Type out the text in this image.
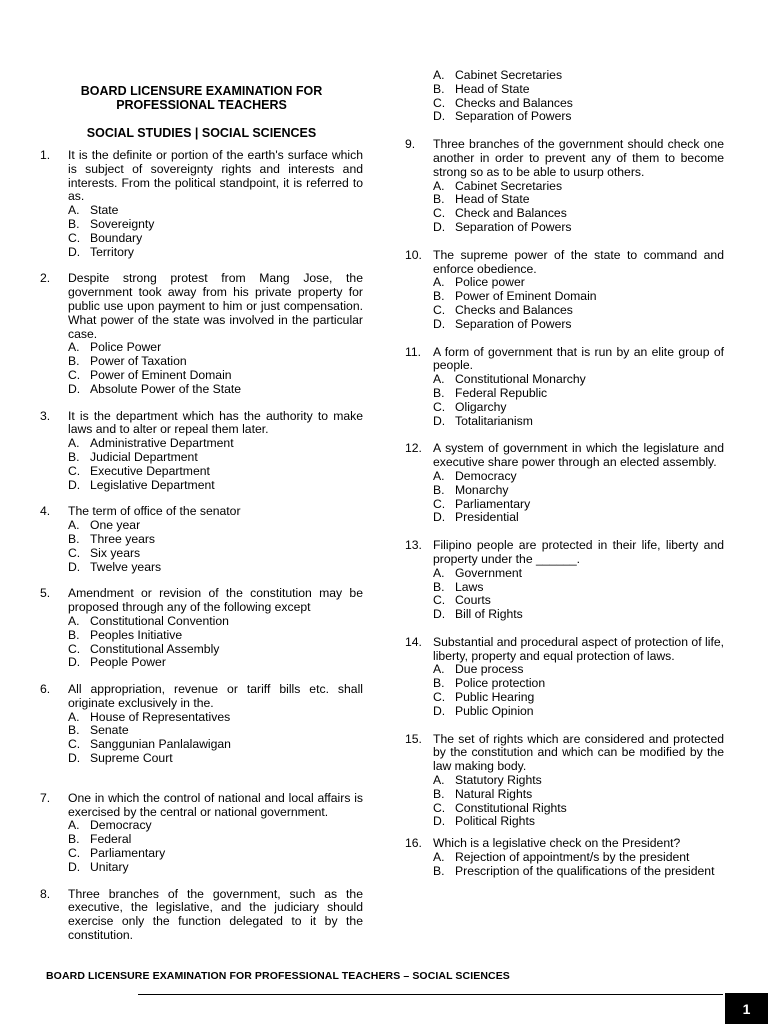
BOARD LICENSURE EXAMINATION FOR
PROFESSIONAL TEACHERS
SOCIAL STUDIES | SOCIAL SCIENCES
1. It is the definite or portion of the earth's surface which is subject of sovereignty rights and interests and interests. From the political standpoint, it is referred to as.
A. State
B. Sovereignty
C. Boundary
D. Territory
2. Despite strong protest from Mang Jose, the government took away from his private property for public use upon payment to him or just compensation. What power of the state was involved in the particular case.
A. Police Power
B. Power of Taxation
C. Power of Eminent Domain
D. Absolute Power of the State
3. It is the department which has the authority to make laws and to alter or repeal them later.
A. Administrative Department
B. Judicial Department
C. Executive Department
D. Legislative Department
4. The term of office of the senator
A. One year
B. Three years
C. Six years
D. Twelve years
5. Amendment or revision of the constitution may be proposed through any of the following except
A. Constitutional Convention
B. Peoples Initiative
C. Constitutional Assembly
D. People Power
6. All appropriation, revenue or tariff bills etc. shall originate exclusively in the.
A. House of Representatives
B. Senate
C. Sanggunian Panlalawigan
D. Supreme Court
7. One in which the control of national and local affairs is exercised by the central or national government.
A. Democracy
B. Federal
C. Parliamentary
D. Unitary
8. Three branches of the government, such as the executive, the legislative, and the judiciary should exercise only the function delegated to it by the constitution.
A. Cabinet Secretaries
B. Head of State
C. Checks and Balances
D. Separation of Powers
9. Three branches of the government should check one another in order to prevent any of them to become strong so as to be able to usurp others.
A. Cabinet Secretaries
B. Head of State
C. Check and Balances
D. Separation of Powers
10. The supreme power of the state to command and enforce obedience.
A. Police power
B. Power of Eminent Domain
C. Checks and Balances
D. Separation of Powers
11. A form of government that is run by an elite group of people.
A. Constitutional Monarchy
B. Federal Republic
C. Oligarchy
D. Totalitarianism
12. A system of government in which the legislature and executive share power through an elected assembly.
A. Democracy
B. Monarchy
C. Parliamentary
D. Presidential
13. Filipino people are protected in their life, liberty and property under the ______.
A. Government
B. Laws
C. Courts
D. Bill of Rights
14. Substantial and procedural aspect of protection of life, liberty, property and equal protection of laws.
A. Due process
B. Police protection
C. Public Hearing
D. Public Opinion
15. The set of rights which are considered and protected by the constitution and which can be modified by the law making body.
A. Statutory Rights
B. Natural Rights
C. Constitutional Rights
D. Political Rights
16. Which is a legislative check on the President?
A. Rejection of appointment/s by the president
B. Prescription of the qualifications of the president
BOARD LICENSURE EXAMINATION FOR PROFESSIONAL TEACHERS – SOCIAL SCIENCES
1
